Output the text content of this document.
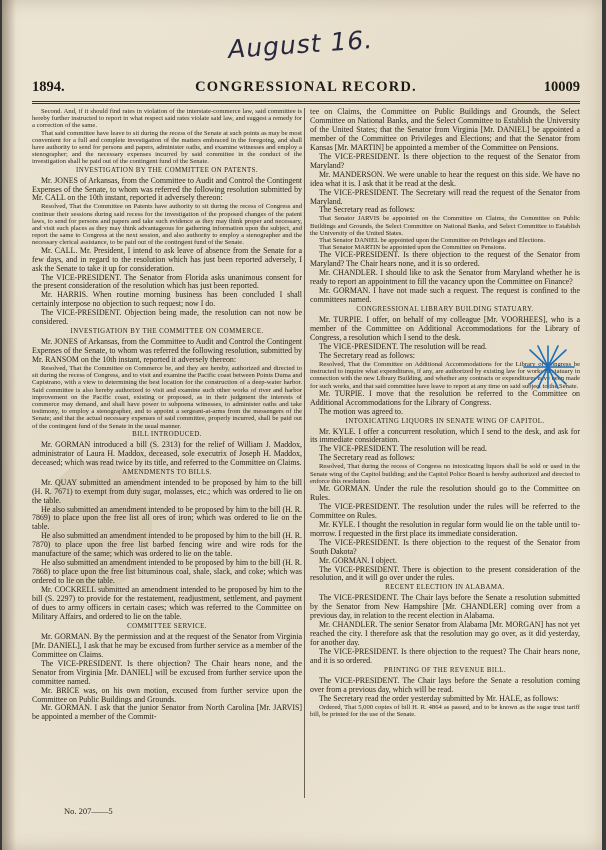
August 16.
1894.	CONGRESSIONAL RECORD.	10009

Second. And, if it should find rates in violation of the interstate-commerce law, said committee is hereby further instructed to report in what respect said rates violate said law, and suggest a remedy for a correction of the same.

That said committee have leave to sit during the recess of the Senate at such points as may be most convenient for a full and complete investigation of the matters embraced in the foregoing, and shall have authority to send for persons and papers, administer oaths, and examine witnesses and employ a stenographer; and the necessary expenses incurred by said committee in the conduct of the investigation shall be paid out of the contingent fund of the Senate.

INVESTIGATION BY THE COMMITTEE ON PATENTS.

Mr. JONES of Arkansas, from the Committee to Audit and Control the Contingent Expenses of the Senate, to whom was referred the following resolution submitted by Mr. CALL on the 10th instant, reported it adversely thereon:

Resolved, That the Committee on Patents have authority to sit during the recess of Congress and continue their sessions during said recess for the investigation of the proposed changes of the patent laws, to send for persons and papers and take such evidence as they may think proper and necessary, and visit such places as they may think advantageous for gathering information upon the subject, and report the same to Congress at the next session, and also authority to employ a stenographer and the necessary clerical assistance, to be paid out of the contingent fund of the Senate.

Mr. CALL. Mr. President, I intend to ask leave of absence from the Senate for a few days, and in regard to the resolution which has just been reported adversely, I ask the Senate to take it up for consideration.

The VICE-PRESIDENT. The Senator from Florida asks unanimous consent for the present consideration of the resolution which has just been reported.

Mr. HARRIS. When routine morning business has been concluded I shall certainly interpose no objection to such request; now I do.

The VICE-PRESIDENT. Objection being made, the resolution can not now be considered.

INVESTIGATION BY THE COMMITTEE ON COMMERCE.

Mr. JONES of Arkansas, from the Committee to Audit and Control the Contingent Expenses of the Senate, to whom was referred the following resolution, submitted by Mr. RANSOM on the 10th instant, reported it adversely thereon:

Resolved, That the Committee on Commerce be, and they are hereby, authorized and directed to sit during the recess of Congress, and to visit and examine the Pacific coast between Points Duma and Capistrano, with a view to determining the best location for the construction of a deep-water harbor. Said committee is also hereby authorized to visit and examine such other works of river and harbor improvement on the Pacific coast, existing or proposed, as in their judgment the interests of commerce may demand, and shall have power to subpoena witnesses, to administer oaths and take testimony, to employ a stenographer, and to appoint a sergeant-at-arms from the messengers of the Senate; and that the actual necessary expenses of said committee, properly incurred, shall be paid out of the contingent fund of the Senate in the usual manner.

BILL INTRODUCED.

Mr. GORMAN introduced a bill (S. 2313) for the relief of William J. Maddox, administrator of Laura H. Maddox, deceased, sole executrix of Joseph H. Maddox, deceased; which was read twice by its title, and referred to the Committee on Claims.

AMENDMENTS TO BILLS.

Mr. QUAY submitted an amendment intended to be proposed by him to the bill (H. R. 7671) to exempt from duty sugar, molasses, etc.; which was ordered to lie on the table.

He also submitted an amendment intended to be proposed by him to the bill (H. R. 7869) to place upon the free list all ores of iron; which was ordered to lie on the table.

He also submitted an amendment intended to be proposed by him to the bill (H. R. 7870) to place upon the free list barbed fencing wire and wire rods for the manufacture of the same; which was ordered to lie on the table.

He also submitted an amendment intended to be proposed by him to the bill (H. R. 7868) to place upon the free list bituminous coal, shale, slack, and coke; which was ordered to lie on the table.

Mr. COCKRELL submitted an amendment intended to be proposed by him to the bill (S. 2297) to provide for the restatement, readjustment, settlement, and payment of dues to army officers in certain cases; which was referred to the Committee on Military Affairs, and ordered to lie on the table.

COMMITTEE SERVICE.

Mr. GORMAN. By the permission and at the request of the Senator from Virginia [Mr. DANIEL], I ask that he may be excused from further service as a member of the Committee on Claims.

The VICE-PRESIDENT. Is there objection? The Chair hears none, and the Senator from Virginia [Mr. DANIEL] will be excused from further service upon the committee named.

Mr. BRICE was, on his own motion, excused from further service upon the Committee on Public Buildings and Grounds.

Mr. GORMAN. I ask that the junior Senator from North Carolina [Mr. JARVIS] be appointed a member of the Commit-

tee on Claims, the Committee on Public Buildings and Grounds, the Select Committee on National Banks, and the Select Committee to Establish the University of the United States; that the Senator from Virginia [Mr. DANIEL] be appointed a member of the Committee on Privileges and Elections; and that the Senator from Kansas [Mr. MARTIN] be appointed a member of the Committee on Pensions.

The VICE-PRESIDENT. Is there objection to the request of the Senator from Maryland?

Mr. MANDERSON. We were unable to hear the request on this side. We have no idea what it is. I ask that it be read at the desk.

The VICE-PRESIDENT. The Secretary will read the request of the Senator from Maryland.

The Secretary read as follows:

That Senator JARVIS be appointed on the Committee on Claims, the Committee on Public Buildings and Grounds, the Select Committee on National Banks, and Select Committee to Establish the University of the United States.

That Senator DANIEL be appointed upon the Committee on Privileges and Elections.

That Senator MARTIN be appointed upon the Committee on Pensions.

The VICE-PRESIDENT. Is there objection to the request of the Senator from Maryland? The Chair hears none, and it is so ordered.

Mr. CHANDLER. I should like to ask the Senator from Maryland whether he is ready to report an appointment to fill the vacancy upon the Committee on Finance?

Mr. GORMAN. I have not made such a request. The request is confined to the committees named.

CONGRESSIONAL LIBRARY BUILDING STATUARY.

Mr. TURPIE. I offer, on behalf of my colleague [Mr. VOORHEES], who is a member of the Committee on Additional Accommodations for the Library of Congress, a resolution which I send to the desk.

The VICE-PRESIDENT. The resolution will be read.

The Secretary read as follows:

Resolved, That the Committee on Additional Accommodations for the Library of Congress be instructed to inquire what expenditures, if any, are authorized by existing law for works of statuary in connection with the new Library Building, and whether any contracts or expenditures have been made for such works, and that said committee have leave to report at any time on said subject to the Senate.

Mr. TURPIE. I move that the resolution be referred to the Committee on Additional Accommodations for the Library of Congress.

The motion was agreed to.

INTOXICATING LIQUORS IN SENATE WING OF CAPITOL.

Mr. KYLE. I offer a concurrent resolution, which I send to the desk, and ask for its immediate consideration.

The VICE-PRESIDENT. The resolution will be read.

The Secretary read as follows:

Resolved, That during the recess of Congress no intoxicating liquors shall be sold or used in the Senate wing of the Capitol building; and the Capitol Police Board is hereby authorized and directed to enforce this resolution.

Mr. GORMAN. Under the rule the resolution should go to the Committee on Rules.

The VICE-PRESIDENT. The resolution under the rules will be referred to the Committee on Rules.

Mr. KYLE. I thought the resolution in regular form would lie on the table until to-morrow. I requested in the first place its immediate consideration.

The VICE-PRESIDENT. Is there objection to the request of the Senator from South Dakota?

Mr. GORMAN. I object.

The VICE-PRESIDENT. There is objection to the present consideration of the resolution, and it will go over under the rules.

RECENT ELECTION IN ALABAMA.

The VICE-PRESIDENT. The Chair lays before the Senate a resolution submitted by the Senator from New Hampshire [Mr. CHANDLER] coming over from a previous day, in relation to the recent election in Alabama.

Mr. CHANDLER. The senior Senator from Alabama [Mr. MORGAN] has not yet reached the city. I therefore ask that the resolution may go over, as it did yesterday, for another day.

The VICE-PRESIDENT. Is there objection to the request? The Chair hears none, and it is so ordered.

PRINTING OF THE REVENUE BILL.

The VICE-PRESIDENT. The Chair lays before the Senate a resolution coming over from a previous day, which will be read.

The Secretary read the order yesterday submitted by Mr. HALE, as follows:

Ordered, That 5,000 copies of bill H. R. 4864 as passed, and to be known as the sugar trust tariff bill, be printed for the use of the Senate.

No. 207——5
